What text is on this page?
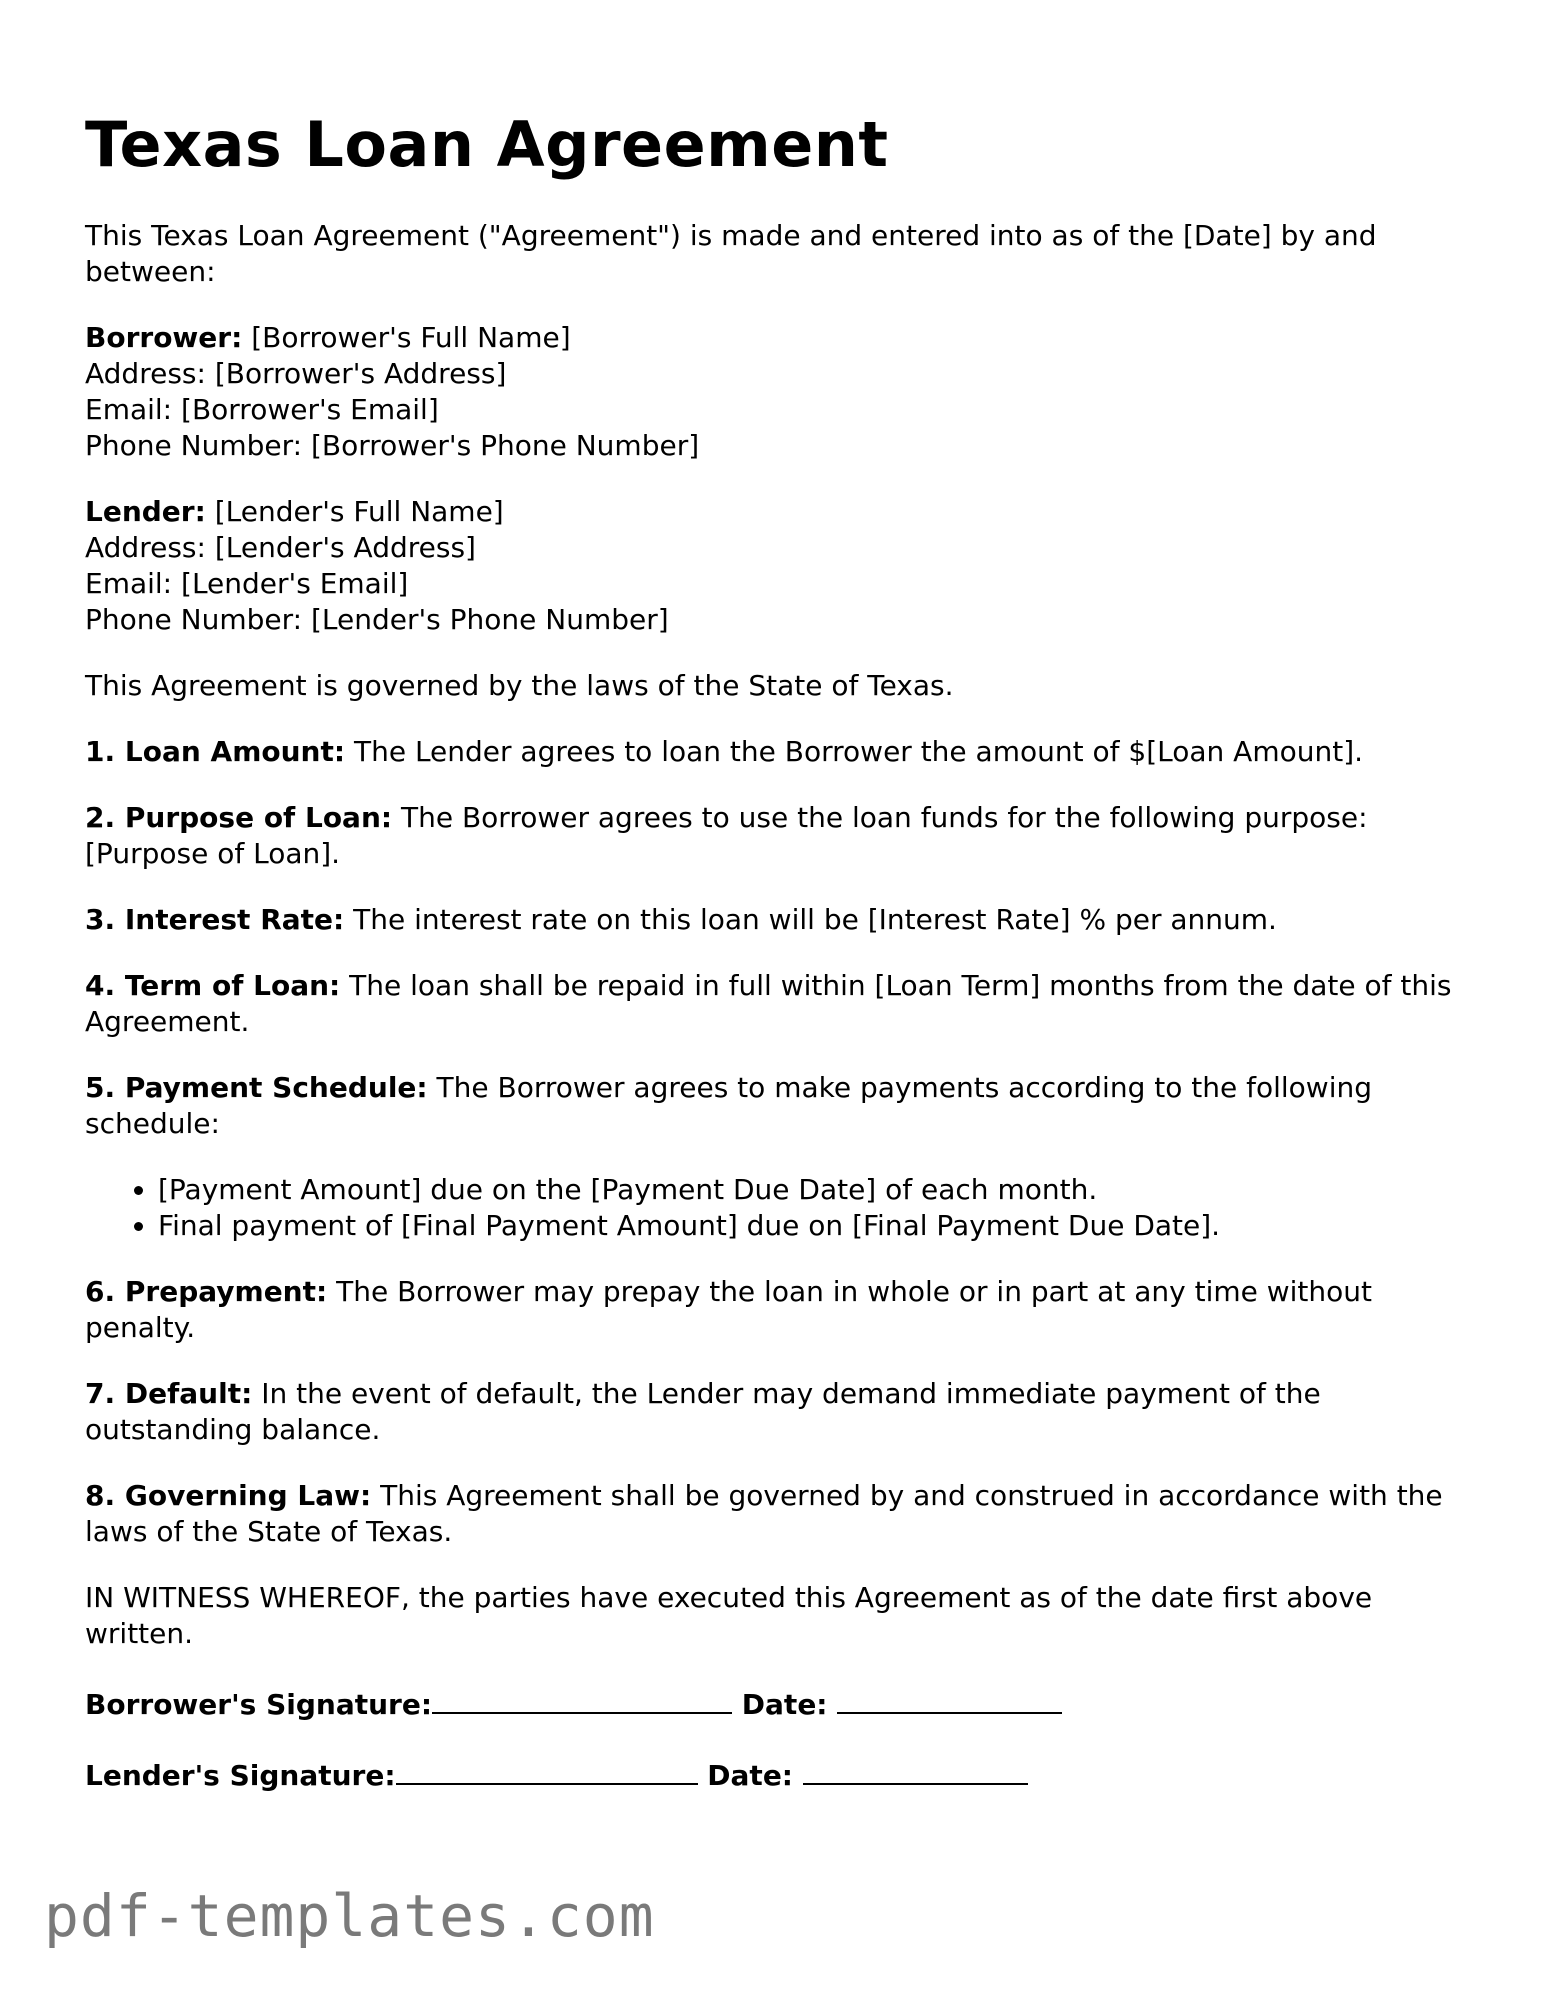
Texas Loan Agreement

This Texas Loan Agreement ("Agreement") is made and entered into as of the [Date] by and between:

Borrower: [Borrower's Full Name]
Address: [Borrower's Address]
Email: [Borrower's Email]
Phone Number: [Borrower's Phone Number]

Lender: [Lender's Full Name]
Address: [Lender's Address]
Email: [Lender's Email]
Phone Number: [Lender's Phone Number]

This Agreement is governed by the laws of the State of Texas.

1. Loan Amount: The Lender agrees to loan the Borrower the amount of $[Loan Amount].

2. Purpose of Loan: The Borrower agrees to use the loan funds for the following purpose: [Purpose of Loan].

3. Interest Rate: The interest rate on this loan will be [Interest Rate] % per annum.

4. Term of Loan: The loan shall be repaid in full within [Loan Term] months from the date of this Agreement.

5. Payment Schedule: The Borrower agrees to make payments according to the following schedule:

• [Payment Amount] due on the [Payment Due Date] of each month.
• Final payment of [Final Payment Amount] due on [Final Payment Due Date].

6. Prepayment: The Borrower may prepay the loan in whole or in part at any time without penalty.

7. Default: In the event of default, the Lender may demand immediate payment of the outstanding balance.

8. Governing Law: This Agreement shall be governed by and construed in accordance with the laws of the State of Texas.

IN WITNESS WHEREOF, the parties have executed this Agreement as of the date first above written.

Borrower's Signature:	Date:

Lender's Signature:	Date:

pdf-templates.com
